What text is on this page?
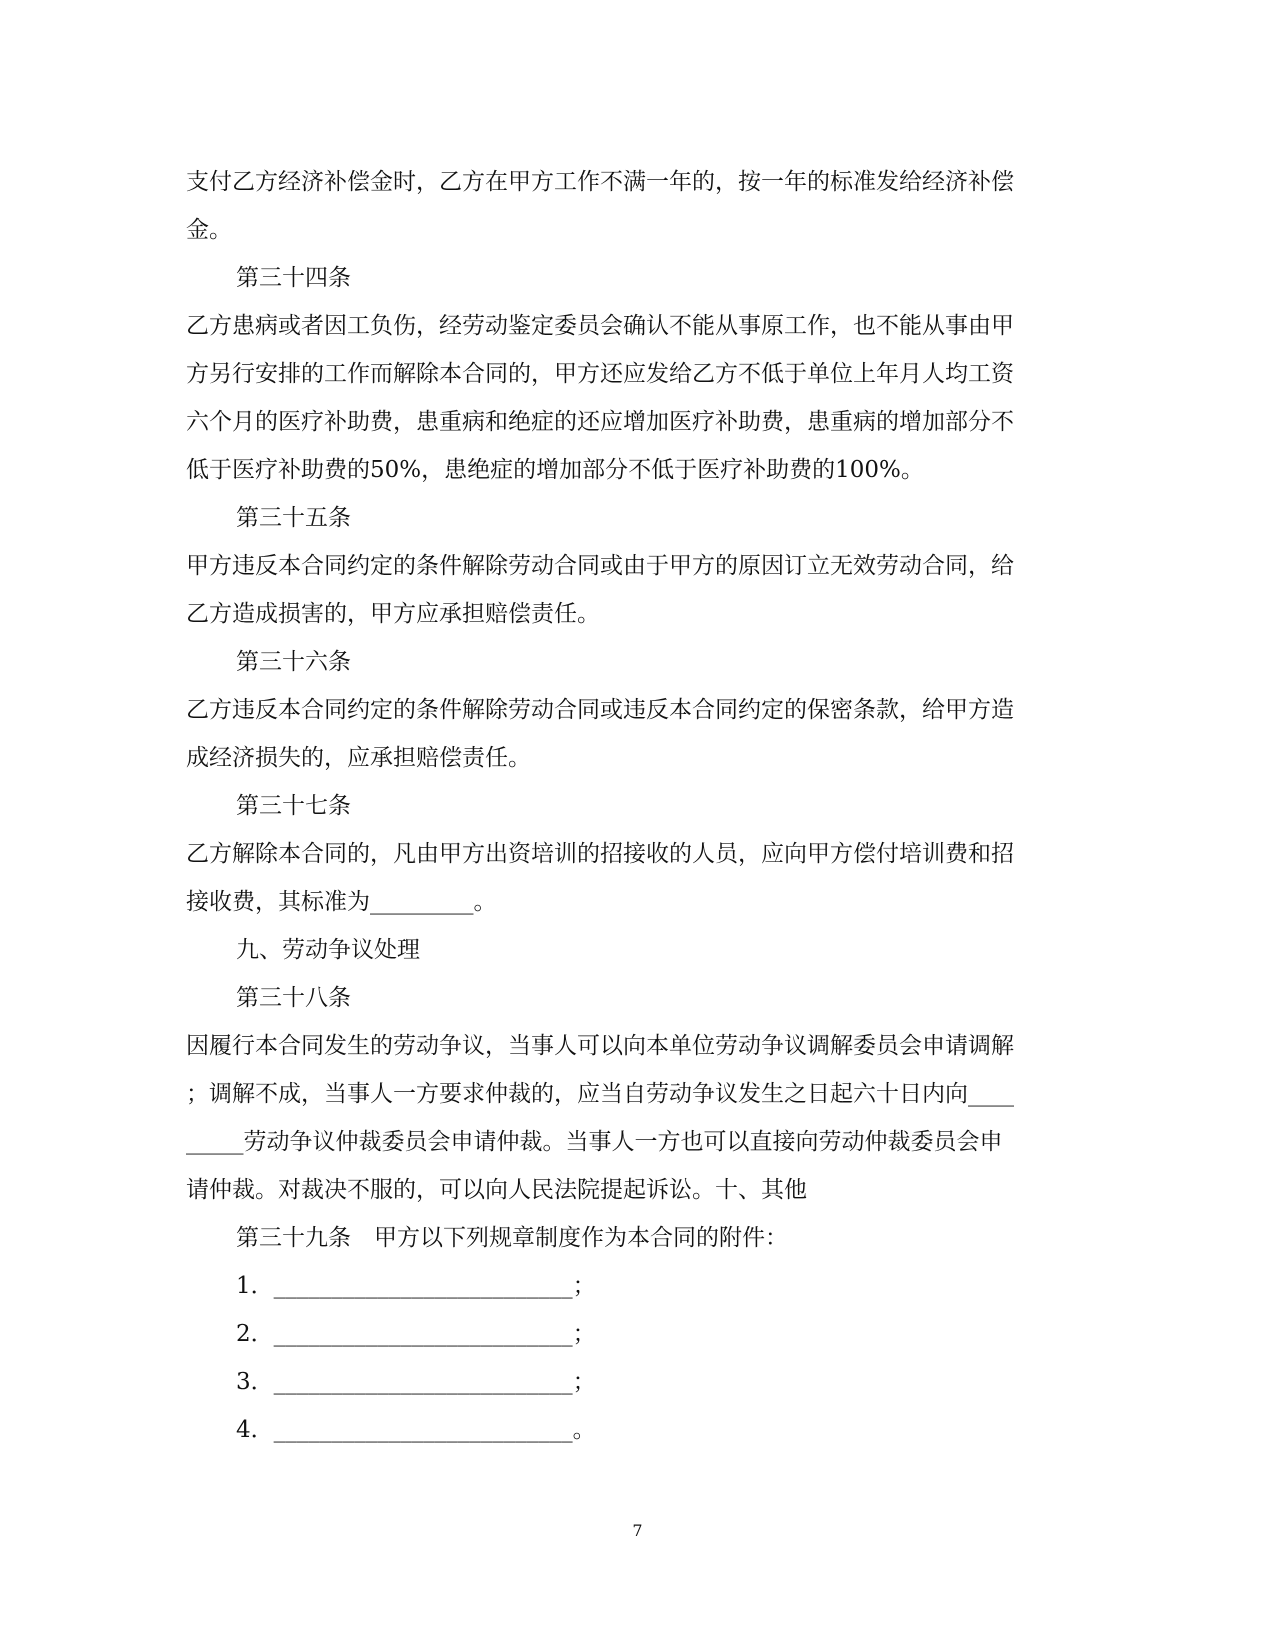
支付乙方经济补偿金时，乙方在甲方工作不满一年的，按一年的标准发给经济补偿
金。
第三十四条
乙方患病或者因工负伤，经劳动鉴定委员会确认不能从事原工作，也不能从事由甲
方另行安排的工作而解除本合同的，甲方还应发给乙方不低于单位上年月人均工资
六个月的医疗补助费，患重病和绝症的还应增加医疗补助费，患重病的增加部分不
低于医疗补助费的50%，患绝症的增加部分不低于医疗补助费的100%。
第三十五条
甲方违反本合同约定的条件解除劳动合同或由于甲方的原因订立无效劳动合同，给
乙方造成损害的，甲方应承担赔偿责任。
第三十六条
乙方违反本合同约定的条件解除劳动合同或违反本合同约定的保密条款，给甲方造
成经济损失的，应承担赔偿责任。
第三十七条
乙方解除本合同的，凡由甲方出资培训的招接收的人员，应向甲方偿付培训费和招
接收费，其标准为_________。
九、劳动争议处理
第三十八条
因履行本合同发生的劳动争议，当事人可以向本单位劳动争议调解委员会申请调解
；调解不成，当事人一方要求仲裁的，应当自劳动争议发生之日起六十日内向____
_____劳动争议仲裁委员会申请仲裁。当事人一方也可以直接向劳动仲裁委员会申
请仲裁。对裁决不服的，可以向人民法院提起诉讼。十、其他
第三十九条　甲方以下列规章制度作为本合同的附件：
1．__________________________；
2．__________________________；
3．__________________________；
4．__________________________。
7
